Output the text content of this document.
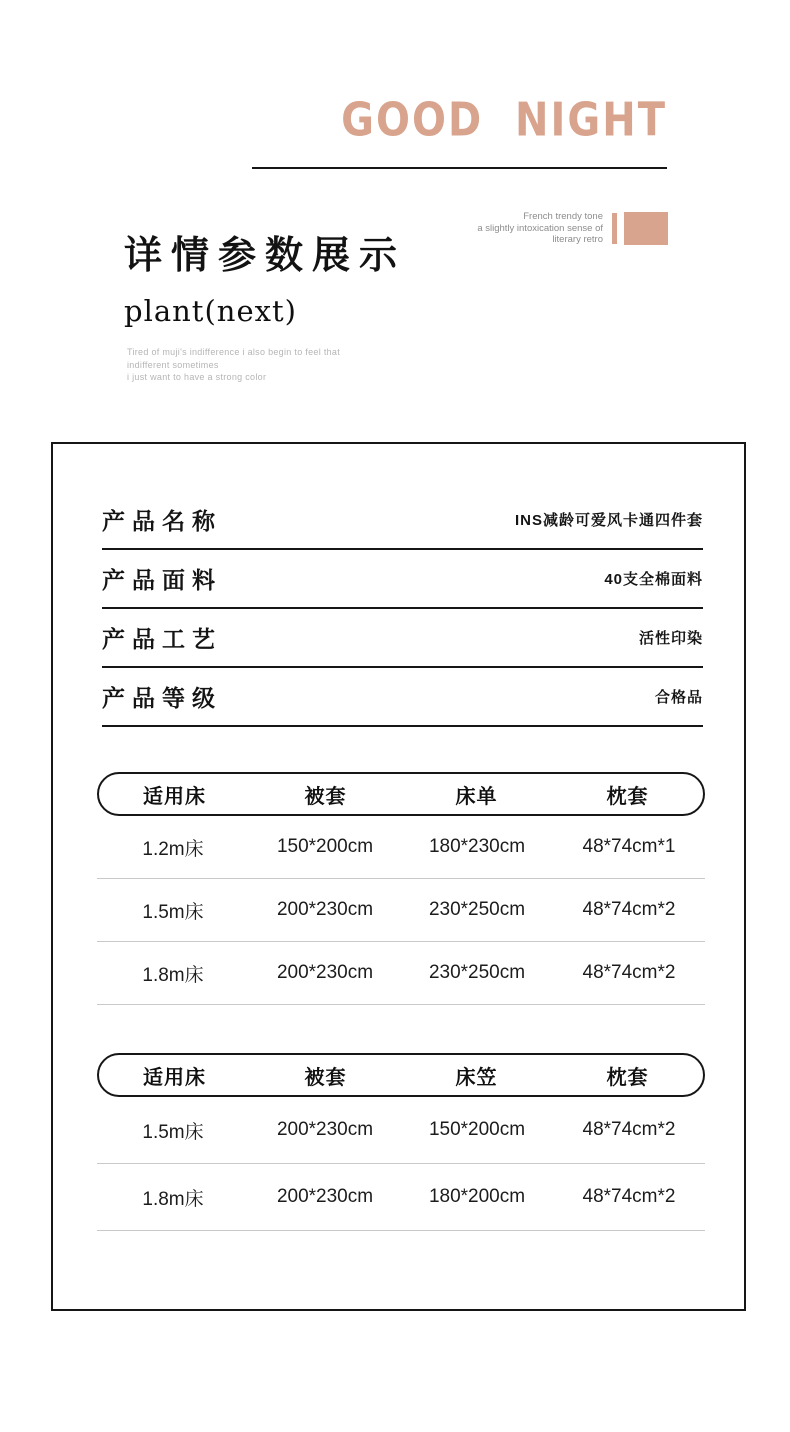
GOOD  NIGHT
详情参数展示
plant(next)
Tired of muji's indifference i also begin to feel that
indifferent sometimes
i just want to have a strong color
French trendy tone
a slightly intoxication sense of
literary retro
产品名称	INS减龄可爱风卡通四件套
产品面料	40支全棉面料
产品工艺	活性印染
产品等级	合格品
适用床	被套	床单	枕套
1.2m床	150*200cm	180*230cm	48*74cm*1
1.5m床	200*230cm	230*250cm	48*74cm*2
1.8m床	200*230cm	230*250cm	48*74cm*2
适用床	被套	床笠	枕套
1.5m床	200*230cm	150*200cm	48*74cm*2
1.8m床	200*230cm	180*200cm	48*74cm*2
